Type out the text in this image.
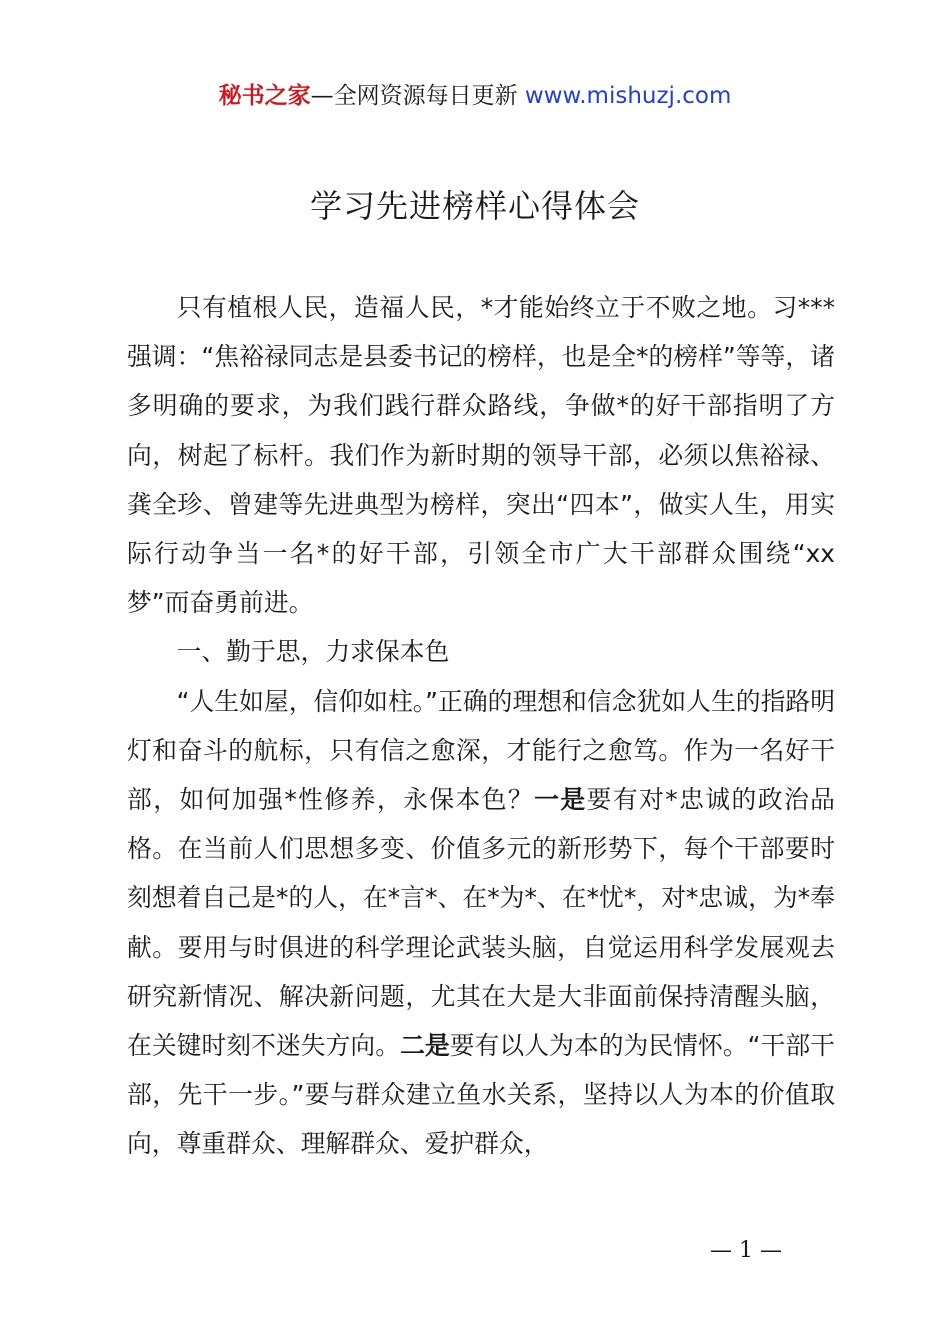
秘书之家—全网资源每日更新 www.mishuzj.com
学习先进榜样心得体会

只有植根人民，造福人民，*才能始终立于不败之地。习***强调：“焦裕禄同志是县委书记的榜样，也是全*的榜样”等等，诸多明确的要求，为我们践行群众路线，争做*的好干部指明了方向，树起了标杆。我们作为新时期的领导干部，必须以焦裕禄、龚全珍、曾建等先进典型为榜样，突出“四本”，做实人生，用实际行动争当一名*的好干部，引领全市广大干部群众围绕“xx梦”而奋勇前进。

一、勤于思，力求保本色

“人生如屋，信仰如柱。”正确的理想和信念犹如人生的指路明灯和奋斗的航标，只有信之愈深，才能行之愈笃。作为一名好干部，如何加强*性修养，永保本色？一是要有对*忠诚的政治品格。在当前人们思想多变、价值多元的新形势下，每个干部要时刻想着自己是*的人，在*言*、在*为*、在*忧*，对*忠诚，为*奉献。要用与时俱进的科学理论武装头脑，自觉运用科学发展观去研究新情况、解决新问题，尤其在大是大非面前保持清醒头脑，在关键时刻不迷失方向。二是要有以人为本的为民情怀。“干部干部，先干一步。”要与群众建立鱼水关系，坚持以人为本的价值取向，尊重群众、理解群众、爱护群众，

— 1 —
